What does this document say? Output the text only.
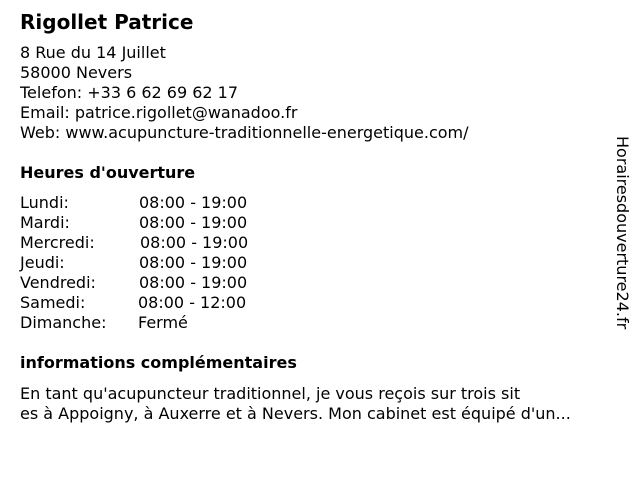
Rigollet Patrice
8 Rue du 14 Juillet
58000 Nevers
Telefon: +33 6 62 69 62 17
Email: patrice.rigollet@wanadoo.fr
Web: www.acupuncture-traditionnelle-energetique.com/
Heures d'ouverture
Lundi:	08:00 - 19:00
Mardi:	08:00 - 19:00
Mercredi:	08:00 - 19:00
Jeudi:	08:00 - 19:00
Vendredi:	08:00 - 19:00
Samedi:	08:00 - 12:00
Dimanche: Fermé
informations complémentaires
En tant qu'acupuncteur traditionnel, je vous reçois sur trois sit
es à Appoigny, à Auxerre et à Nevers. Mon cabinet est équipé d'un...
Horairesdouverture24.fr
